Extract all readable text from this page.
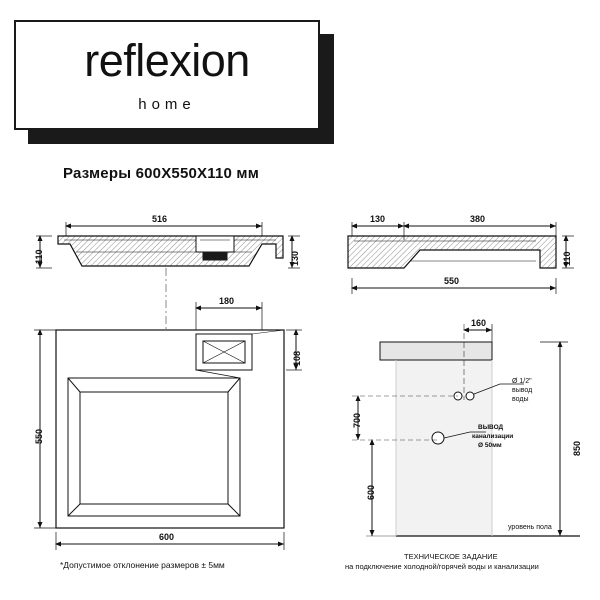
reflexion
home
Размеры 600X550X110 мм
516
110	130
130	380
110
550
180
108
550
600
160
700
600
850
Ø 1/2"
вывод
воды
ВЫВОД
канализации
Ø 50мм
уровень пола
*Допустимое отклонение размеров ± 5мм
ТЕХНИЧЕСКОЕ ЗАДАНИЕ
на подключение холодной/горячей воды и канализации
